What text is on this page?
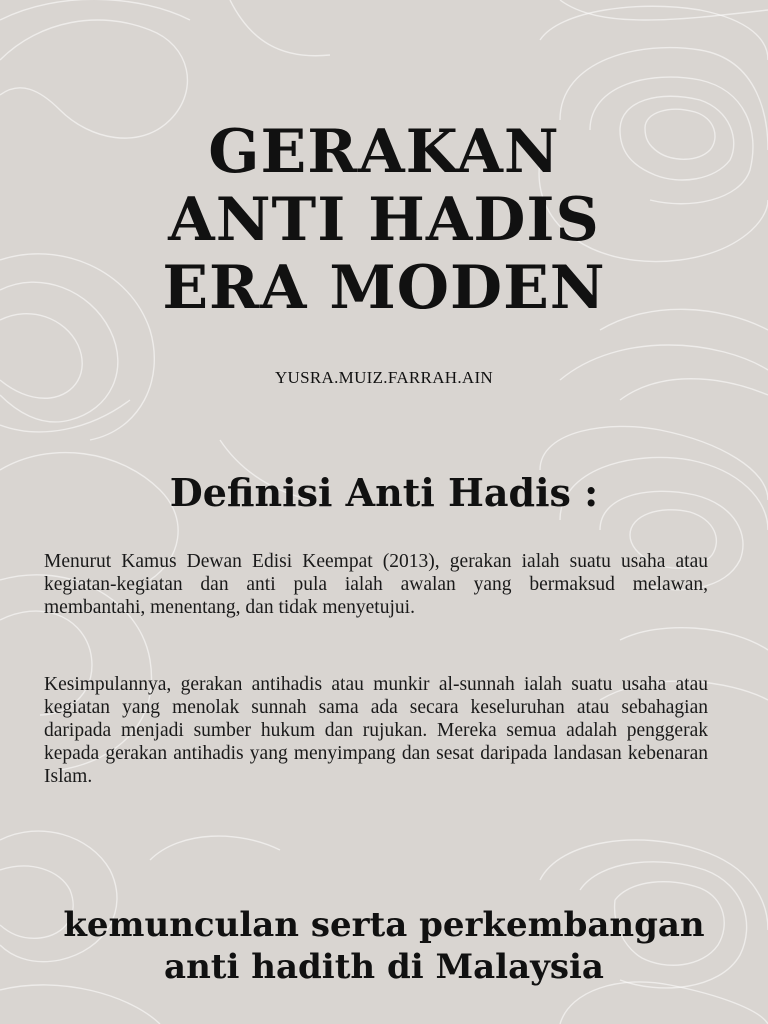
GERAKAN
ANTI HADIS
ERA MODEN
YUSRA.MUIZ.FARRAH.AIN
Definisi Anti Hadis :

Menurut Kamus Dewan Edisi Keempat (2013), gerakan ialah suatu usaha atau kegiatan-kegiatan dan anti pula ialah awalan yang bermaksud melawan, membantahi, menentang, dan tidak menyetujui.

Kesimpulannya, gerakan antihadis atau munkir al-sunnah ialah suatu usaha atau kegiatan yang menolak sunnah sama ada secara keseluruhan atau sebahagian daripada menjadi sumber hukum dan rujukan. Mereka semua adalah penggerak kepada gerakan antihadis yang menyimpang dan sesat daripada landasan kebenaran Islam.

kemunculan serta perkembangan
anti hadith di Malaysia
